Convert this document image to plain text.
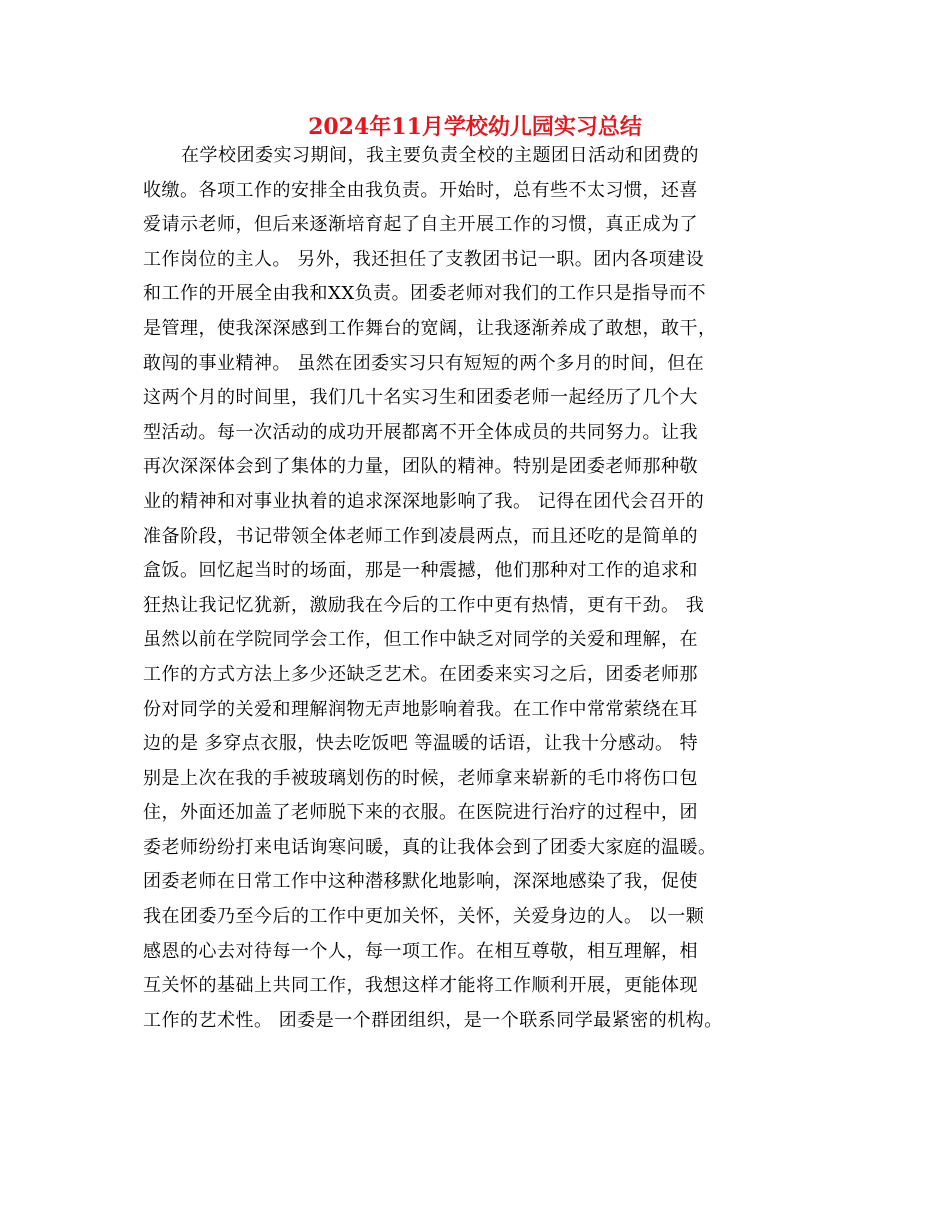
2024年11月学校幼儿园实习总结
在学校团委实习期间，我主要负责全校的主题团日活动和团费的
收缴。各项工作的安排全由我负责。开始时，总有些不太习惯，还喜
爱请示老师，但后来逐渐培育起了自主开展工作的习惯，真正成为了
工作岗位的主人。 另外，我还担任了支教团书记一职。团内各项建设
和工作的开展全由我和XX负责。团委老师对我们的工作只是指导而不
是管理，使我深深感到工作舞台的宽阔，让我逐渐养成了敢想，敢干，
敢闯的事业精神。 虽然在团委实习只有短短的两个多月的时间，但在
这两个月的时间里，我们几十名实习生和团委老师一起经历了几个大
型活动。每一次活动的成功开展都离不开全体成员的共同努力。让我
再次深深体会到了集体的力量，团队的精神。特别是团委老师那种敬
业的精神和对事业执着的追求深深地影响了我。 记得在团代会召开的
准备阶段，书记带领全体老师工作到凌晨两点，而且还吃的是简单的
盒饭。回忆起当时的场面，那是一种震撼，他们那种对工作的追求和
狂热让我记忆犹新，激励我在今后的工作中更有热情，更有干劲。 我
虽然以前在学院同学会工作，但工作中缺乏对同学的关爱和理解，在
工作的方式方法上多少还缺乏艺术。在团委来实习之后，团委老师那
份对同学的关爱和理解润物无声地影响着我。在工作中常常萦绕在耳
边的是 多穿点衣服，快去吃饭吧 等温暖的话语，让我十分感动。 特
别是上次在我的手被玻璃划伤的时候，老师拿来崭新的毛巾将伤口包
住，外面还加盖了老师脱下来的衣服。在医院进行治疗的过程中，团
委老师纷纷打来电话询寒问暖，真的让我体会到了团委大家庭的温暖。
团委老师在日常工作中这种潜移默化地影响，深深地感染了我，促使
我在团委乃至今后的工作中更加关怀，关怀，关爱身边的人。 以一颗
感恩的心去对待每一个人，每一项工作。在相互尊敬，相互理解，相
互关怀的基础上共同工作，我想这样才能将工作顺利开展，更能体现
工作的艺术性。 团委是一个群团组织，是一个联系同学最紧密的机构。
